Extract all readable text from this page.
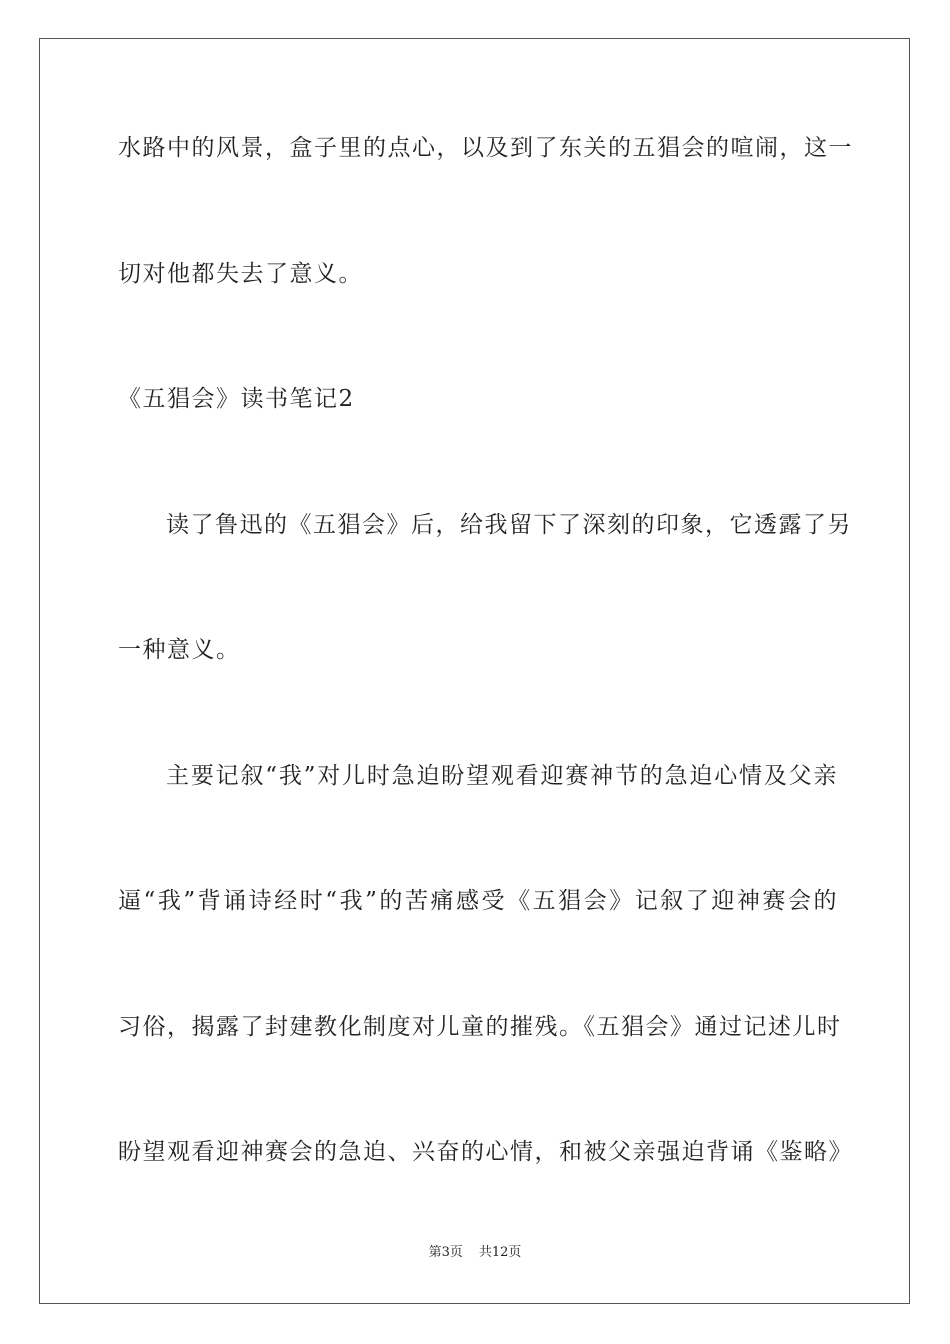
水路中的风景，盒子里的点心，以及到了东关的五猖会的喧闹，这一
切对他都失去了意义。
《五猖会》读书笔记2
读了鲁迅的《五猖会》后，给我留下了深刻的印象，它透露了另
一种意义。
主要记叙“我”对儿时急迫盼望观看迎赛神节的急迫心情及父亲
逼“我”背诵诗经时“我”的苦痛感受《五猖会》记叙了迎神赛会的
习俗，揭露了封建教化制度对儿童的摧残。《五猖会》通过记述儿时
盼望观看迎神赛会的急迫、兴奋的心情，和被父亲强迫背诵《鉴略》
第3页 共12页
